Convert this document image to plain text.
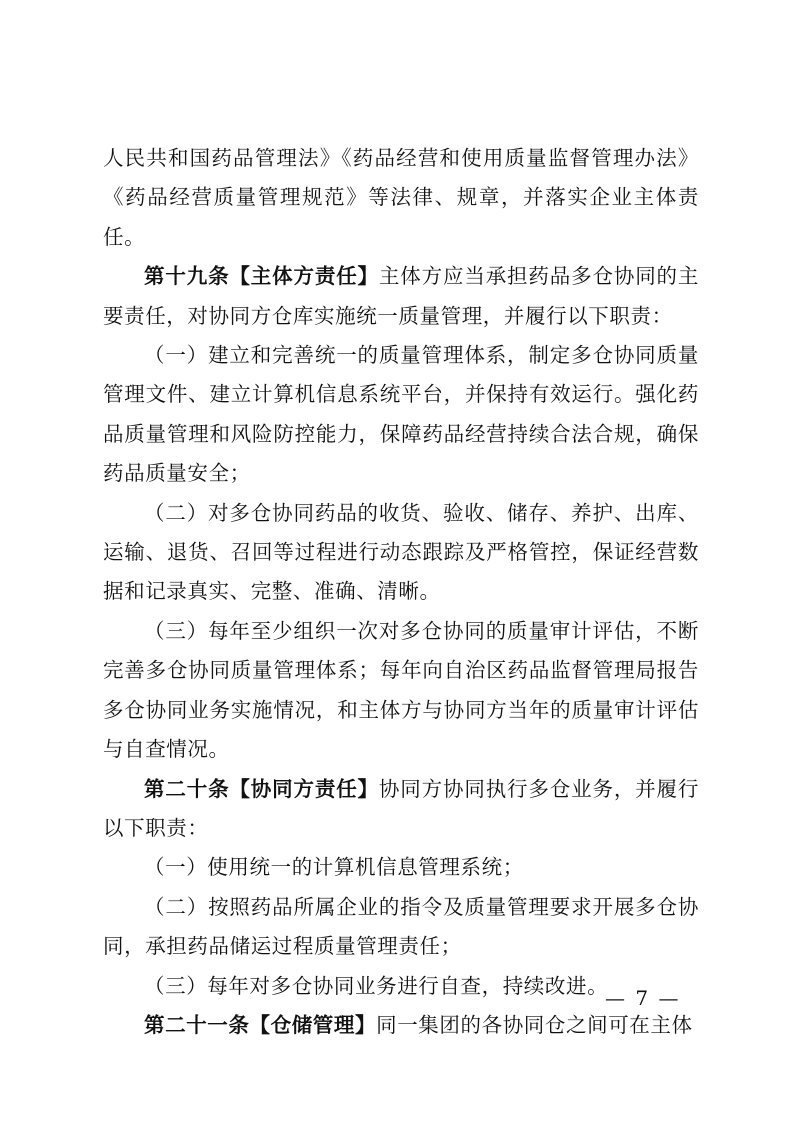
人民共和国药品管理法》《药品经营和使用质量监督管理办法》《药品经营质量管理规范》等法律、规章，并落实企业主体责任。

第十九条【主体方责任】主体方应当承担药品多仓协同的主要责任，对协同方仓库实施统一质量管理，并履行以下职责：

（一）建立和完善统一的质量管理体系，制定多仓协同质量管理文件、建立计算机信息系统平台，并保持有效运行。强化药品质量管理和风险防控能力，保障药品经营持续合法合规，确保药品质量安全；

（二）对多仓协同药品的收货、验收、储存、养护、出库、运输、退货、召回等过程进行动态跟踪及严格管控，保证经营数据和记录真实、完整、准确、清晰。

（三）每年至少组织一次对多仓协同的质量审计评估，不断完善多仓协同质量管理体系；每年向自治区药品监督管理局报告多仓协同业务实施情况，和主体方与协同方当年的质量审计评估与自查情况。

第二十条【协同方责任】协同方协同执行多仓业务，并履行以下职责：

（一）使用统一的计算机信息管理系统；

（二）按照药品所属企业的指令及质量管理要求开展多仓协同，承担药品储运过程质量管理责任；

（三）每年对多仓协同业务进行自查，持续改进。

第二十一条【仓储管理】同一集团的各协同仓之间可在主体

— 7 —
